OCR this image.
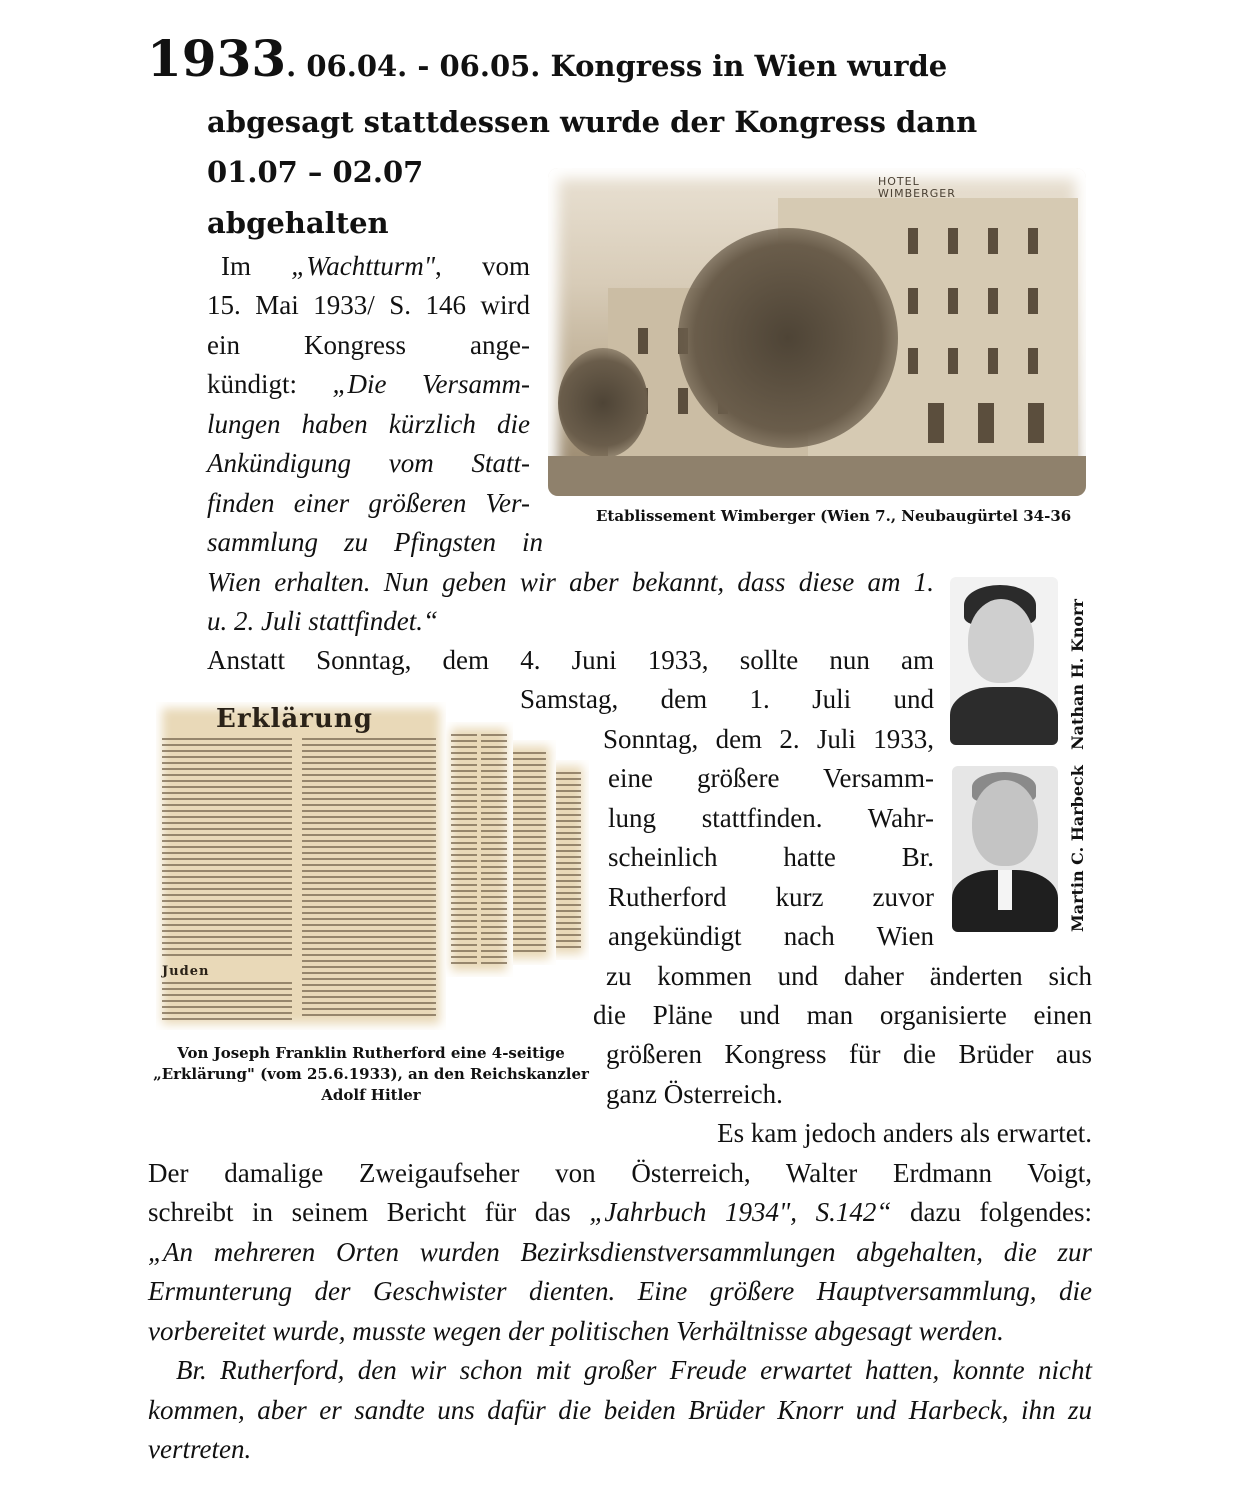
1933. 06.04. - 06.05. Kongress in Wien wurde
abgesagt stattdessen wurde der Kongress dann
01.07 – 02.07
abgehalten
HOTEL WIMBERGER
Etablissement Wimberger (Wien 7., Neubaugürtel 34-36
Im „Wachtturm", vom
15. Mai 1933/ S. 146 wird
ein Kongress ange-
kündigt: „Die Versamm-
lungen haben kürzlich die
Ankündigung vom Statt-
finden einer größeren Ver-
sammlung zu Pfingsten in
Wien erhalten. Nun geben wir aber bekannt, dass diese am 1.
u. 2. Juli stattfindet.“	Nathan H. Knorr
Martin C. Harbeck
Erklärung
Juden
Von Joseph Franklin Rutherford eine 4-seitige
„Erklärung" (vom 25.6.1933), an den Reichskanzler
Adolf Hitler
Anstatt Sonntag, dem 4. Juni 1933, sollte nun am
Samstag, dem 1. Juli und
Sonntag, dem 2. Juli 1933,
eine größere Versamm-
lung stattfinden. Wahr-
scheinlich hatte Br.
Rutherford kurz zuvor
angekündigt nach Wien
zu kommen und daher änderten sich
die Pläne und man organisierte einen
größeren Kongress für die Brüder aus
ganz Österreich.
Es kam jedoch anders als erwartet.
Der damalige Zweigaufseher von Österreich, Walter Erdmann Voigt,
schreibt in seinem Bericht für das „Jahrbuch 1934", S.142“ dazu folgendes:
„An mehreren Orten wurden Bezirksdienstversammlungen abgehalten, die zur
Ermunterung der Geschwister dienten. Eine größere Hauptversammlung, die
vorbereitet wurde, musste wegen der politischen Verhältnisse abgesagt werden.
Br. Rutherford, den wir schon mit großer Freude erwartet hatten, konnte nicht
kommen, aber er sandte uns dafür die beiden Brüder Knorr und Harbeck, ihn zu
vertreten.
